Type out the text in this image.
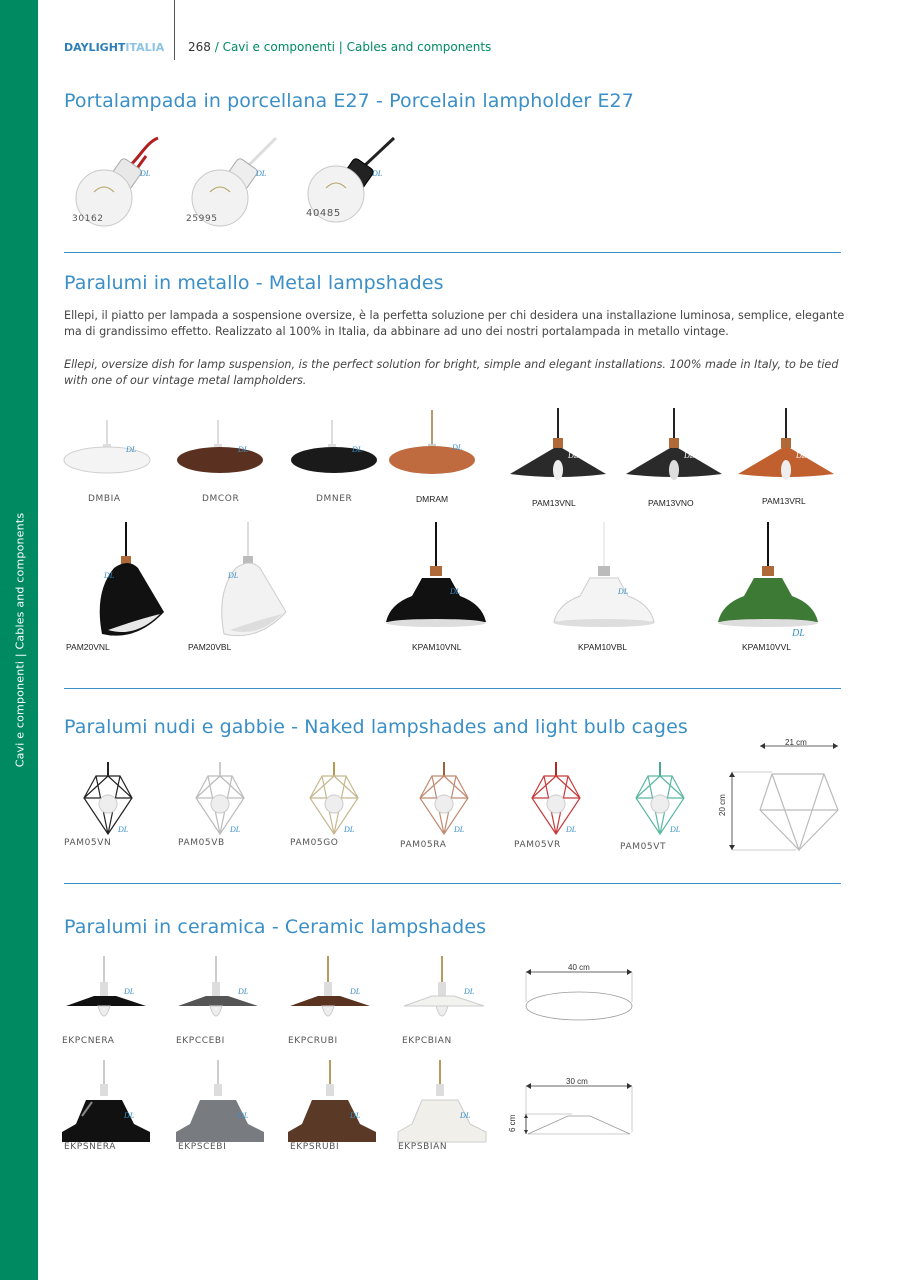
Cavi e componenti | Cables and components
DAYLIGHTITALIA 268 / Cavi e componenti | Cables and components
Portalampada in porcellana E27 - Porcelain lampholder E27
DL
30162
DL
25995
DL
40485
Paralumi in metallo - Metal lampshades
Ellepi, il piatto per lampada a sospensione oversize, è la perfetta soluzione per chi desidera una installazione luminosa, semplice, elegante ma di grandissimo effetto. Realizzato al 100% in Italia, da abbinare ad uno dei nostri portalampada in metallo vintage.
Ellepi, oversize dish for lamp suspension, is the perfect solution for bright, simple and elegant installations. 100% made in Italy, to be tied with one of our vintage metal lampholders.
DL
DMBIA
DL
DMCOR
DL
DMNER
DL
DMRAM
DL
PAM13VNL
DL
PAM13VNO
DL
PAM13VRL
DL
PAM20VNL
DL
PAM20VBL
DL
KPAM10VNL
DL
KPAM10VBL
DL
KPAM10VVL
Paralumi nudi e gabbie - Naked lampshades and light bulb cages
DL
PAM05VN
DL
PAM05VB
DL
PAM05GO
DL
PAM05RA
DL
PAM05VR
DL
PAM05VT
21 cm
20 cm
Paralumi in ceramica - Ceramic lampshades
DL
EKPCNERA
DL
EKPCCEBI
DL
EKPCRUBI
DL
EKPCBIAN
40 cm
DL
EKPSNERA
DL
EKPSCEBI
DL
EKPSRUBI
DL
EKPSBIAN
30 cm
6 cm
